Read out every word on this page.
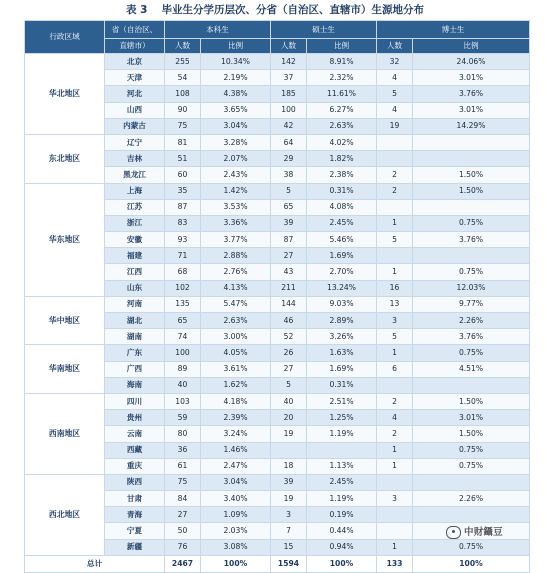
表 3 毕业生分学历层次、分省（自治区、直辖市）生源地分布
行政区域	省（自治区、	本科生		硕士生		博士生	
	直辖市）	人数	比例	人数	比例	人数	比例
华北地区	北京	255	10.34%	142	8.91%	32	24.06%
	天津	54	2.19%	37	2.32%	4	3.01%
	河北	108	4.38%	185	11.61%	5	3.76%
	山西	90	3.65%	100	6.27%	4	3.01%
	内蒙古	75	3.04%	42	2.63%	19	14.29%
东北地区	辽宁	81	3.28%	64	4.02%		
	吉林	51	2.07%	29	1.82%		
	黑龙江	60	2.43%	38	2.38%	2	1.50%
华东地区	上海	35	1.42%	5	0.31%	2	1.50%
	江苏	87	3.53%	65	4.08%		
	浙江	83	3.36%	39	2.45%	1	0.75%
	安徽	93	3.77%	87	5.46%	5	3.76%
	福建	71	2.88%	27	1.69%		
	江西	68	2.76%	43	2.70%	1	0.75%
	山东	102	4.13%	211	13.24%	16	12.03%
华中地区	河南	135	5.47%	144	9.03%	13	9.77%
	湖北	65	2.63%	46	2.89%	3	2.26%
	湖南	74	3.00%	52	3.26%	5	3.76%
华南地区	广东	100	4.05%	26	1.63%	1	0.75%
	广西	89	3.61%	27	1.69%	6	4.51%
	海南	40	1.62%	5	0.31%		
西南地区	四川	103	4.18%	40	2.51%	2	1.50%
	贵州	59	2.39%	20	1.25%	4	3.01%
	云南	80	3.24%	19	1.19%	2	1.50%
	西藏	36	1.46%			1	0.75%
	重庆	61	2.47%	18	1.13%	1	0.75%
西北地区	陕西	75	3.04%	39	2.45%		
	甘肃	84	3.40%	19	1.19%	3	2.26%
	青海	27	1.09%	3	0.19%		
	宁夏	50	2.03%	7	0.44%		
	新疆	76	3.08%	15	0.94%	1	0.75%
总计		2467	100%	1594	100%	133	100%
中财鑷豆
